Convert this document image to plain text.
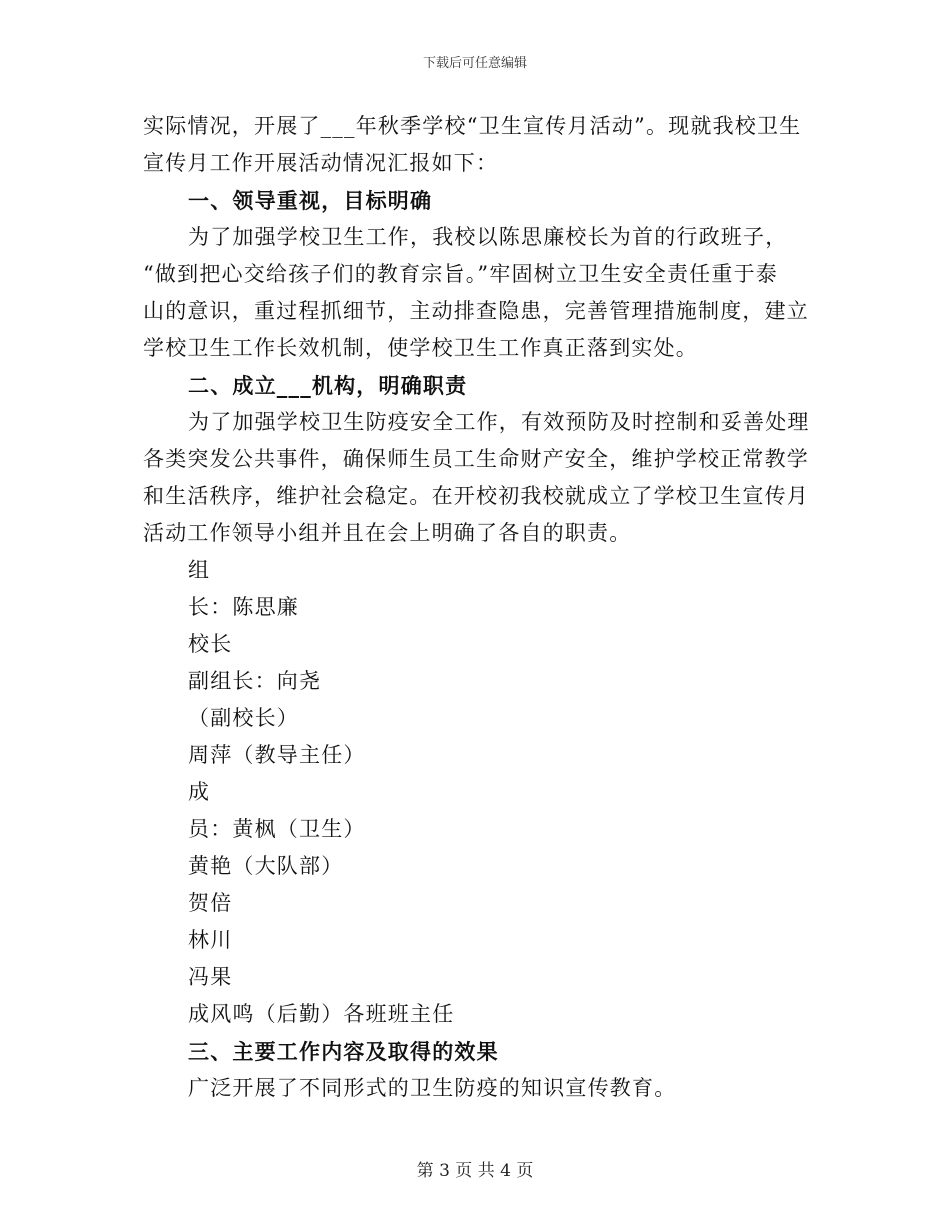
下载后可任意编辑
实际情况，开展了___年秋季学校“卫生宣传月活动”。现就我校卫生
宣传月工作开展活动情况汇报如下：
一、领导重视，目标明确
为了加强学校卫生工作，我校以陈思廉校长为首的行政班子，
“做到把心交给孩子们的教育宗旨。”牢固树立卫生安全责任重于泰
山的意识，重过程抓细节，主动排查隐患，完善管理措施制度，建立
学校卫生工作长效机制，使学校卫生工作真正落到实处。
二、成立___机构，明确职责
为了加强学校卫生防疫安全工作，有效预防及时控制和妥善处理
各类突发公共事件，确保师生员工生命财产安全，维护学校正常教学
和生活秩序，维护社会稳定。在开校初我校就成立了学校卫生宣传月
活动工作领导小组并且在会上明确了各自的职责。
组
长：陈思廉
校长
副组长：向尧
（副校长）
周萍（教导主任）
成
员：黄枫（卫生）
黄艳（大队部）
贺倍
林川
冯果
成风鸣（后勤）各班班主任
三、主要工作内容及取得的效果
广泛开展了不同形式的卫生防疫的知识宣传教育。
第 3 页 共 4 页
